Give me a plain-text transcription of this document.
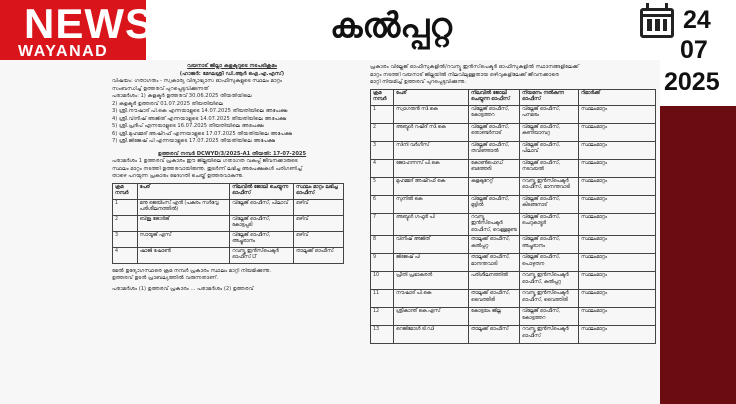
NEWS
WAYANAD
കൽപ്പറ്റ	24
07
2025

വയനാട് ജില്ലാ കളക്ടറുടെ നടപടിക്രമം

(ഹാജർ: മേഘശ്രീ ഡി.ആർ ഐ.എ.എസ്)

വിഷയം: ഗതാഗതം - സ്വകാര്യ വിദ്യാഭ്യാസ ഓഫീസുകളുടെ സ്ഥലം മാറ്റം

സംബന്ധിച്ച് ഉത്തരവ് പുറപ്പെടുവിക്കുന്നത്

പരാമർശം: 1) കളക്ടർ ഉത്തരവ് 30.06.2025 തീയതിയിലെ

2) കളക്ടർ ഉത്തരവ് 01.07.2025 തീയതിയിലെ

3) ശ്രീ.നൗഷാദ് പി.കെ എന്നയാളുടെ 14.07.2025 തീയതിയിലെ അപേക്ഷ

4) ശ്രീ.വിനീഷ് അജിത് എന്നയാളുടെ 14.07.2025 തീയതിയിലെ അപേക്ഷ

5) ശ്രീ.പ്രദീപ് എന്നയാളുടെ 16.07.2025 തീയതിയിലെ അപേക്ഷ

6) ശ്രീ.മുഹമ്മദ് അഷ്റഫ് എന്നയാളുടെ 17.07.2025 തീയതിയിലെ അപേക്ഷ

7) ശ്രീ.ജിജേഷ് പി എന്നയാളുടെ 17.07.2025 തീയതിയിലെ അപേക്ഷ

ഉത്തരവ് നമ്പർ DCWYD/3/2025-A1 തീയതി: 17-07-2025

പരാമർശം 1 ഉത്തരവ് പ്രകാരം ഈ ജില്ലയിലെ ഗതാഗത വകുപ്പ് ജീവനക്കാരുടെ

സ്ഥലം മാറ്റം നടത്തി ഉത്തരവായിരുന്നു. തുടർന്ന് ലഭിച്ച അപേക്ഷകൾ പരിഗണിച്ച്

താഴെ പറയുന്ന പ്രകാരം ഭേദഗതി ചെയ്ത് ഉത്തരവാകുന്നു.

ക്രമ നമ്പർ	പേര്	നിലവിൽ ജോലി ചെയ്യുന്ന ഓഫീസ്	സ്ഥലം മാറ്റം ലഭിച്ച ഓഫീസ്
1	മനു ജെയിംസ് എൻ (പകരം സർവ്വേ പരിശീലനത്തിൽ)	വില്ലേജ് ഓഫീസ്, പിലാവ്	ഒഴിവ്
2	ബിജു ജോർജ്	വില്ലേജ് ഓഫീസ്, കോട്ടപ്പടി	ഒഴിവ്
3	സായൂജ് എസ്	വില്ലേജ് ഓഫീസ്, അച്ചൂരാനം	ഒഴിവ്
4	ഷാജി ഷോൺ	റവന്യൂ ഇൻസ്‌പെക്ടർ ഓഫീസ് LT	താലൂക്ക് ഓഫീസ്

മേൽ ഉദ്യോഗസ്ഥരെ ക്രമ നമ്പർ പ്രകാരം സ്ഥലം മാറ്റി നിയമിക്കുന്നു.

ഉത്തരവ് ഉടൻ പ്രാബല്യത്തിൽ വരുന്നതാണ്.

പരാമർശം (1) ഉത്തരവ് പ്രകാരം ... പരാമർശം (2) ഉത്തരവ്

പ്രകാരം വില്ലേജ് ഓഫീസുകളിൽ/റവന്യൂ ഇൻസ്‌പെക്ടർ ഓഫീസുകളിൽ സ്ഥാനങ്ങളിലേക്ക്

മാറ്റം നടത്തി വയനാട് ജില്ലയിൽ നിലവിലുള്ളതായ ഒഴിവുകളിലേക്ക് ജീവനക്കാരെ

മാറ്റി നിയമിച്ച് ഉത്തരവ് പുറപ്പെടുവിക്കുന്നു.

ക്രമ നമ്പർ	പേര്	നിലവിൽ ജോലി ചെയ്യുന്ന ഓഫീസ്	നിയമനം നൽകുന്ന ഓഫീസ്	റിമാർക്ക്
1	സ്വാഗതൻ സി.കെ	വില്ലേജ് ഓഫീസ്, കോട്ടത്തറ	വില്ലേജ് ഓഫീസ്, പനമരം	സ്ഥലംമാറ്റം
2	അബ്ദുൾ റഷീദ് സി.കെ	വില്ലേജ് ഓഫീസ്, തൊണ്ടർനാട്	വില്ലേജ് ഓഫീസ്, കണിയാമ്പറ്റ	സ്ഥലംമാറ്റം
3	സിനി വർഗീസ്	വില്ലേജ് ഓഫീസ്, തവിഞ്ഞാൽ	വില്ലേജ് ഓഫീസ്, പിലാവ്	സ്ഥലംമാറ്റം
4	ജോഹന്നസ് പി.കെ	കോൺഫെഡ് ബത്തേരി	വില്ലേജ് ഓഫീസ്, നടവയൽ	സ്ഥലംമാറ്റം
5	മുഹമ്മദ് അഷ്റഫ് കെ	കളക്ടറേറ്റ്	റവന്യൂ ഇൻസ്‌പെക്ടർ ഓഫീസ്, മാനന്തവാടി	സ്ഥലംമാറ്റം
6	സുനിൽ കെ	വില്ലേജ് ഓഫീസ്, മുട്ടിൽ	വില്ലേജ് ഓഫീസ്, കിടങ്ങനാട്	സ്ഥലംമാറ്റം
7	അബ്ദുൾ ഗഫൂർ പി	റവന്യൂ ഇൻസ്‌പെക്ടർ ഓഫീസ്, വെള്ളമുണ്ട	വില്ലേജ് ഓഫീസ്, ചെറുകാട്ടൂർ	സ്ഥലംമാറ്റം
8	വിനീഷ് അജിത്	താലൂക്ക് ഓഫീസ്, കൽപ്പറ്റ	വില്ലേജ് ഓഫീസ്, അച്ചൂരാനം	സ്ഥലംമാറ്റം
9	ജിജേഷ് പി	താലൂക്ക് ഓഫീസ്, മാനന്തവാടി	വില്ലേജ് ഓഫീസ്, പൊഴുതന	സ്ഥലംമാറ്റം
10	പ്രീതി പ്രഭാകരൻ	പരിശീലനത്തിൽ	റവന്യൂ ഇൻസ്‌പെക്ടർ ഓഫീസ്, കൽപ്പറ്റ	സ്ഥലംമാറ്റം
11	നൗഷാദ് പി.കെ	താലൂക്ക് ഓഫീസ്, വൈത്തിരി	റവന്യൂ ഇൻസ്‌പെക്ടർ ഓഫീസ്, വൈത്തിരി	സ്ഥലംമാറ്റം
12	ശ്രീകാന്ത് കെ.എസ്	കോട്ടയം ജില്ല	വില്ലേജ് ഓഫീസ്, കോട്ടത്തറ	സ്ഥലംമാറ്റം
13	റെജിമോൾ ടി.ഡി	താലൂക്ക് ഓഫീസ്	റവന്യൂ ഇൻസ്‌പെക്ടർ ഓഫീസ്	സ്ഥലംമാറ്റം
